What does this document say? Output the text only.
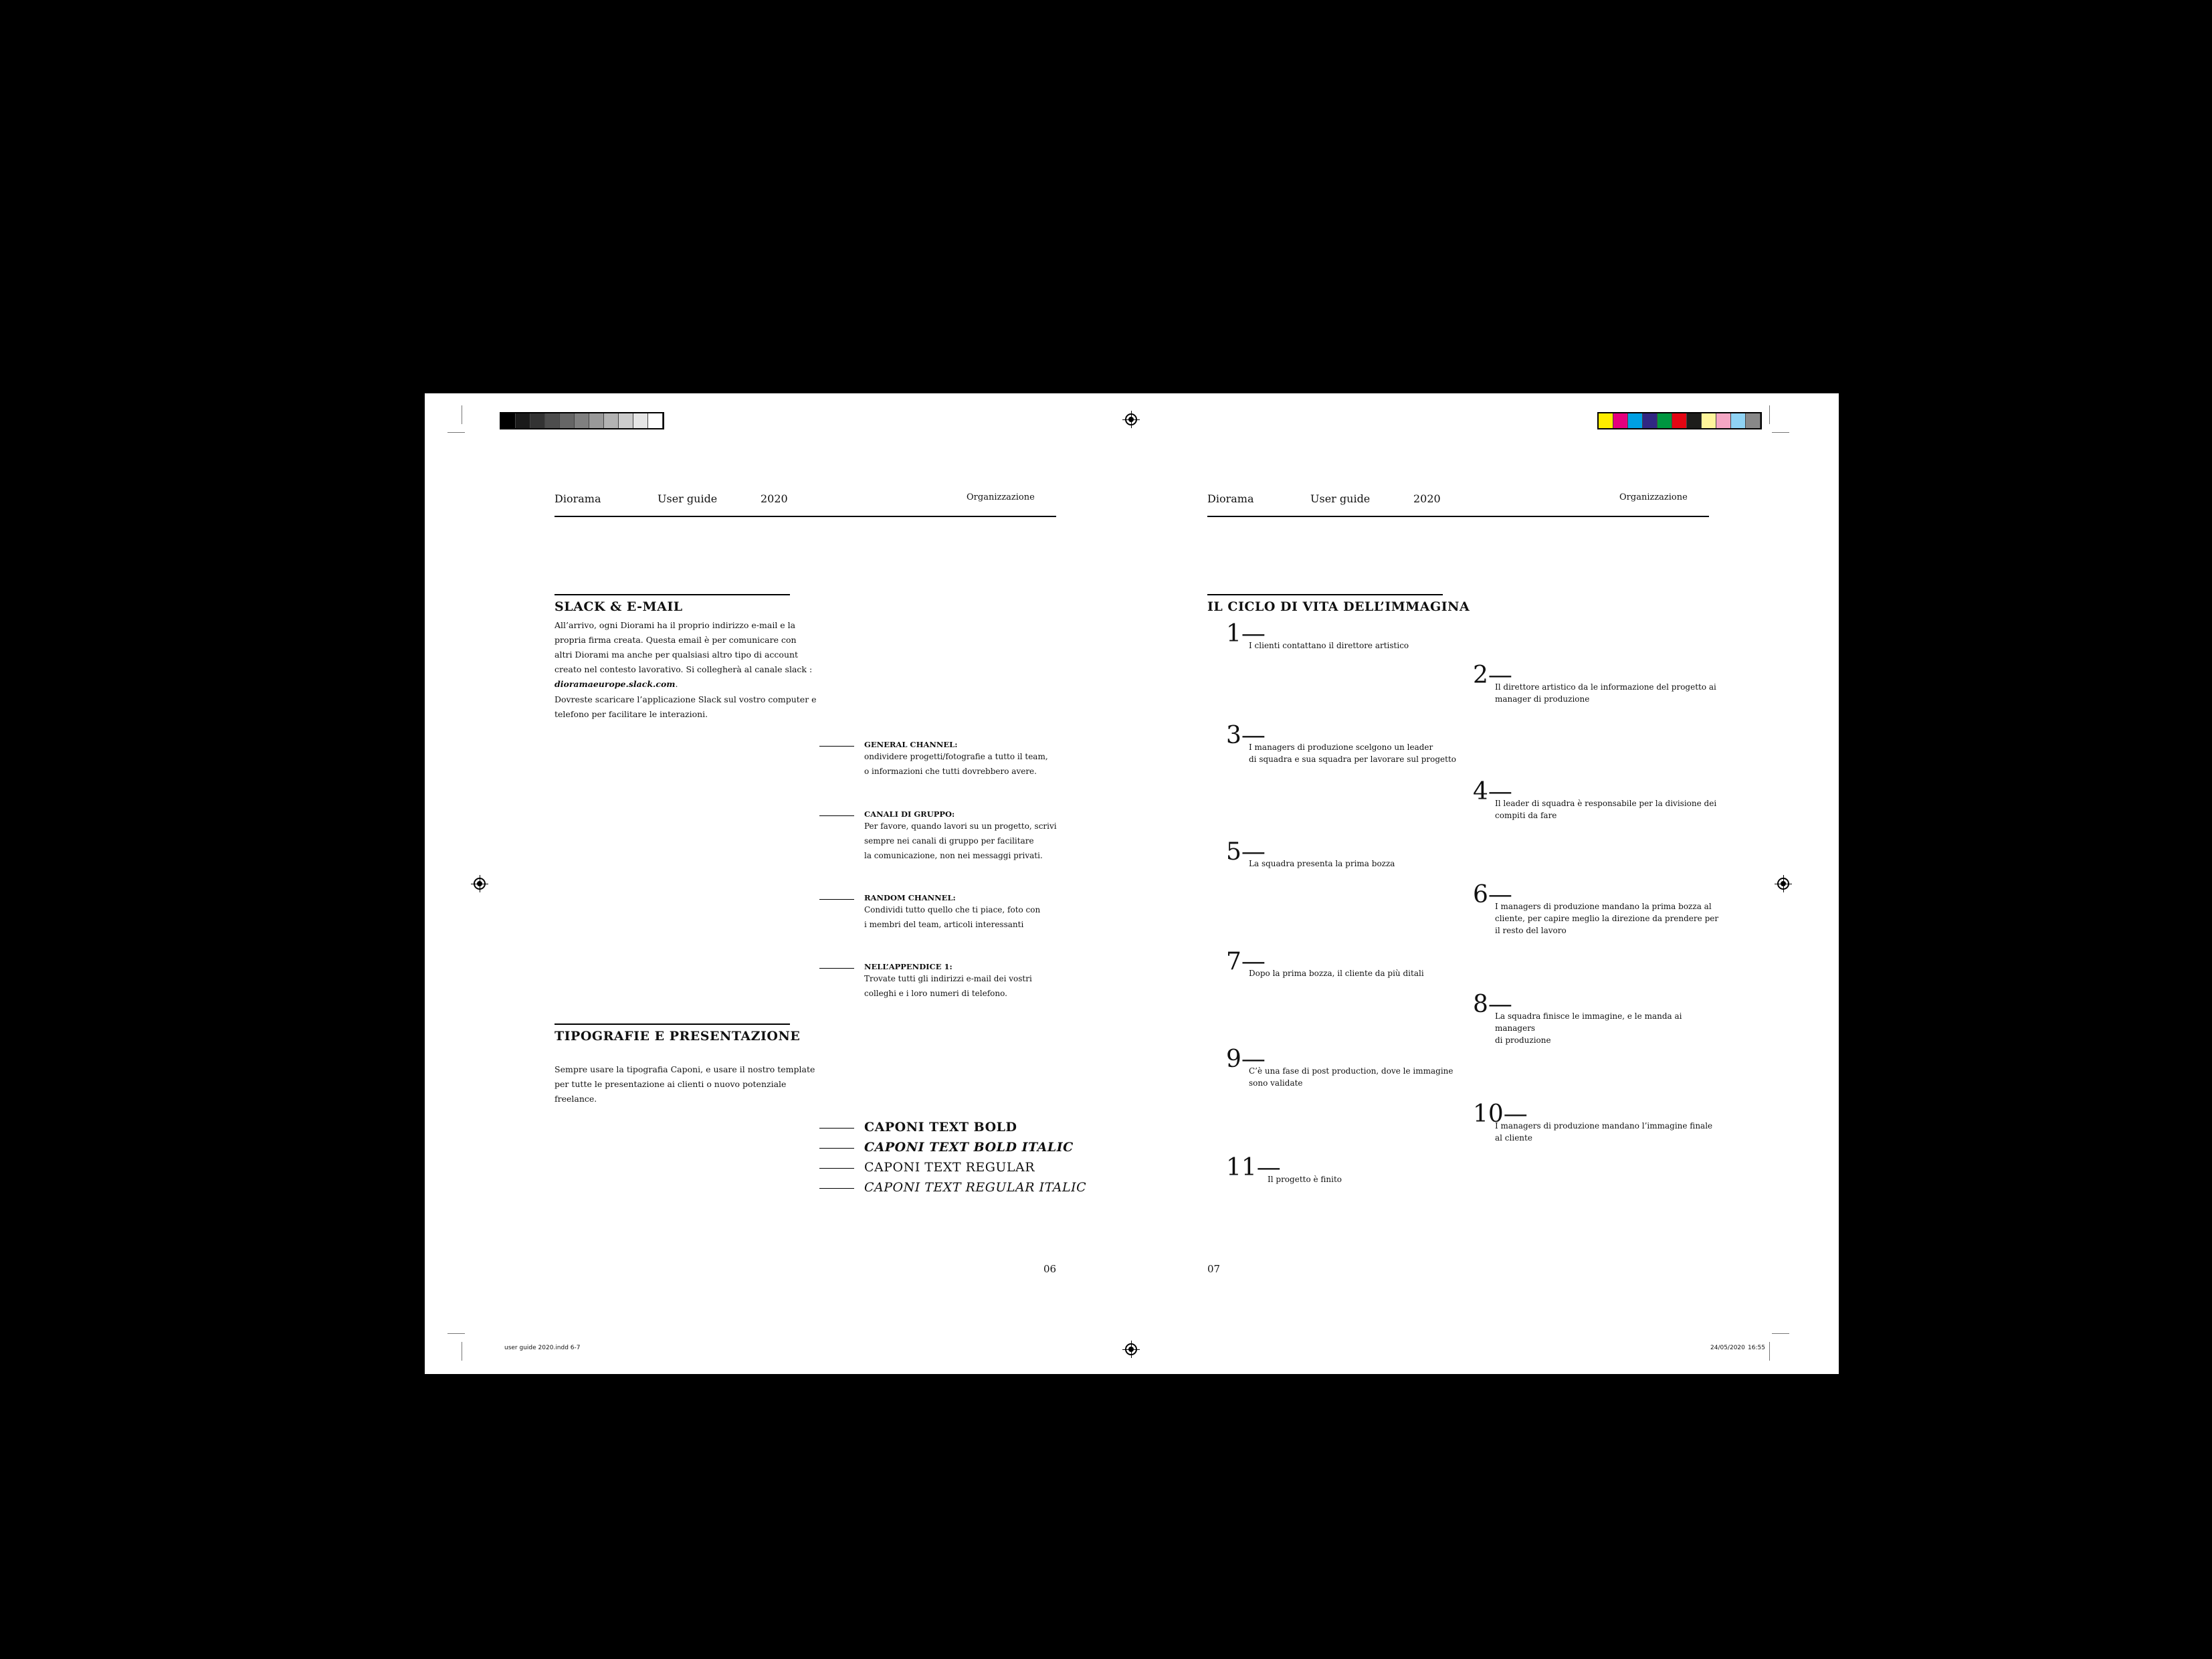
Diorama	User guide	2020	Organizzazione
SLACK & E-MAIL
All’arrivo, ogni Diorami ha il proprio indirizzo e-mail e la
propria firma creata. Questa email è per comunicare con
altri Diorami ma anche per qualsiasi altro tipo di account
creato nel contesto lavorativo. Si collegherà al canale slack :
dioramaeurope.slack.com.
Dovreste scaricare l’applicazione Slack sul vostro computer e
telefono per facilitare le interazioni.
GENERAL CHANNEL:
ondividere progetti/fotografie a tutto il team,
o informazioni che tutti dovrebbero avere.
CANALI DI GRUPPO:
Per favore, quando lavori su un progetto, scrivi
sempre nei canali di gruppo per facilitare
la comunicazione, non nei messaggi privati.
RANDOM CHANNEL:
Condividi tutto quello che ti piace, foto con
i membri del team, articoli interessanti
NELL’APPENDICE 1:
Trovate tutti gli indirizzi e-mail dei vostri
colleghi e i loro numeri di telefono.
TIPOGRAFIE E PRESENTAZIONE
Sempre usare la tipografia Caponi, e usare il nostro template
per tutte le presentazione ai clienti o nuovo potenziale
freelance.
CAPONI TEXT BOLD
CAPONI TEXT BOLD ITALIC
CAPONI TEXT REGULAR
CAPONI TEXT REGULAR ITALIC
06
user guide 2020.indd 6-7
Diorama	User guide	2020	Organizzazione
IL CICLO DI VITA DELL’IMMAGINA
1—
I clienti contattano il direttore artistico
2—
Il direttore artistico da le informazione del progetto ai
manager di produzione
3—
I managers di produzione scelgono un leader
di squadra e sua squadra per lavorare sul progetto
4—
Il leader di squadra è responsabile per la divisione dei
compiti da fare
5—
La squadra presenta la prima bozza
6—
I managers di produzione mandano la prima bozza al
cliente, per capire meglio la direzione da prendere per
il resto del lavoro
7—
Dopo la prima bozza, il cliente da più ditali
8—
La squadra finisce le immagine, e le manda ai managers
di produzione
9—
C’è una fase di post production, dove le immagine
sono validate
10—
I managers di produzione mandano l’immagine finale
al cliente
11—
Il progetto è finito
07
24/05/2020 16:55
